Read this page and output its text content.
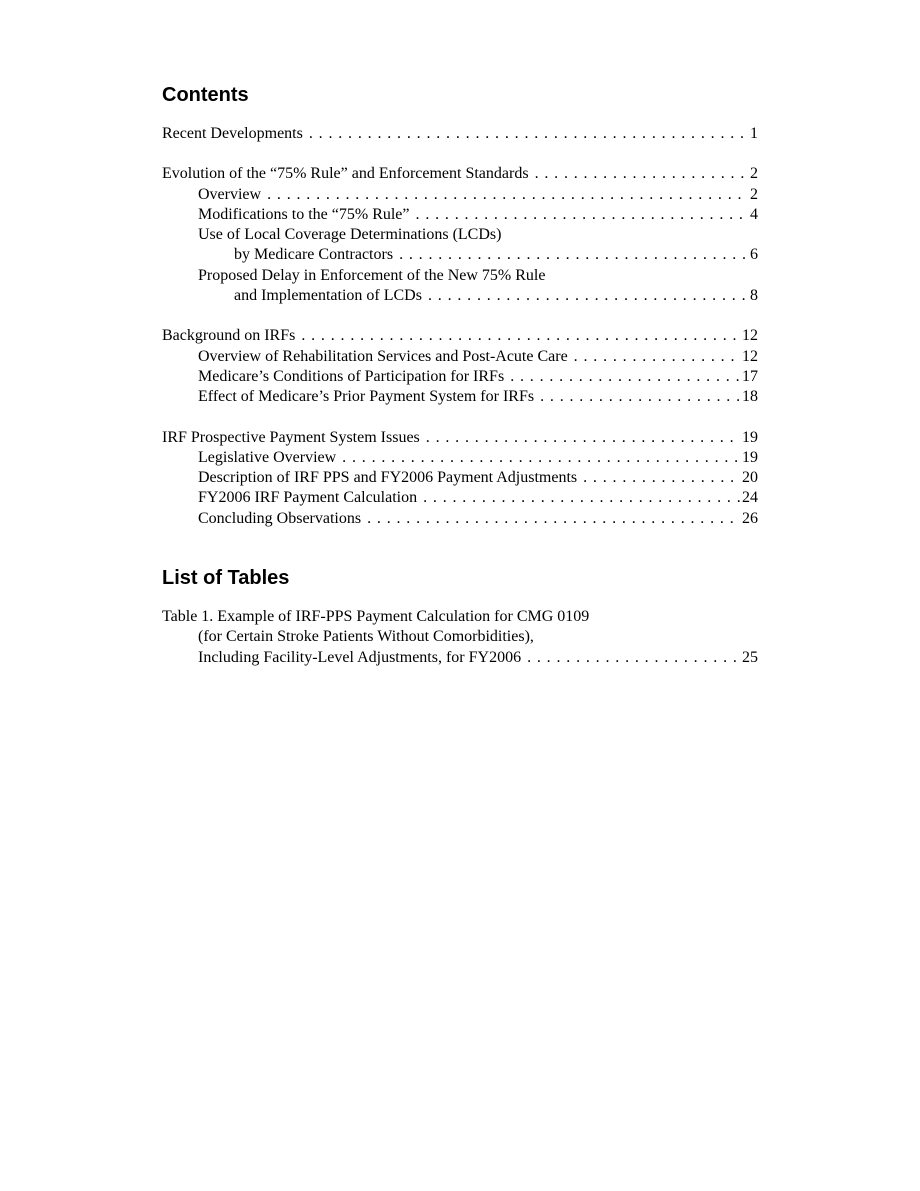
Contents
Recent Developments . . .	1
Evolution of the “75% Rule” and Enforcement Standards . . .	2
Overview . . .	2
Modifications to the “75% Rule” . . .	4
Use of Local Coverage Determinations (LCDs)
by Medicare Contractors . . .	6
Proposed Delay in Enforcement of the New 75% Rule
and Implementation of LCDs . . .	8
Background on IRFs . . .	12
Overview of Rehabilitation Services and Post-Acute Care . . .	12
Medicare’s Conditions of Participation for IRFs . . .	17
Effect of Medicare’s Prior Payment System for IRFs . . .	18
IRF Prospective Payment System Issues . . .	19
Legislative Overview . . .	19
Description of IRF PPS and FY2006 Payment Adjustments . . .	20
FY2006 IRF Payment Calculation . . .	24
Concluding Observations . . .	26
List of Tables
Table 1. Example of IRF-PPS Payment Calculation for CMG 0109
(for Certain Stroke Patients Without Comorbidities),
Including Facility-Level Adjustments, for FY2006 . . .	25
